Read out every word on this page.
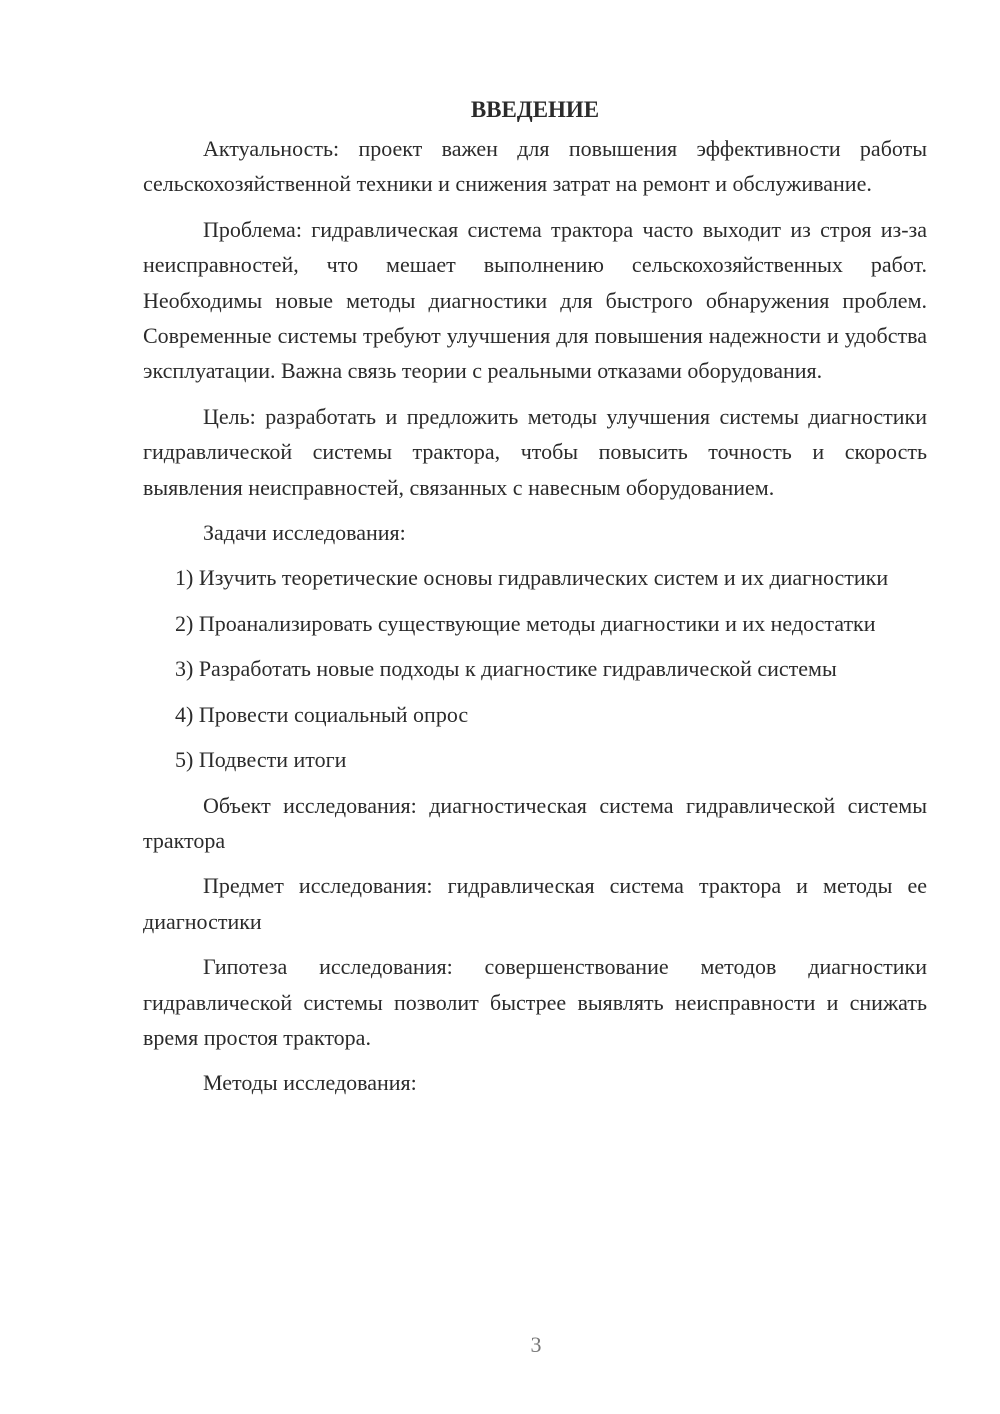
ВВЕДЕНИЕ

Актуальность: проект важен для повышения эффективности работы сельскохозяйственной техники и снижения затрат на ремонт и обслуживание.

Проблема: гидравлическая система трактора часто выходит из строя из-за неисправностей, что мешает выполнению сельскохозяйственных работ. Необходимы новые методы диагностики для быстрого обнаружения проблем. Современные системы требуют улучшения для повышения надежности и удобства эксплуатации. Важна связь теории с реальными отказами оборудования.

Цель: разработать и предложить методы улучшения системы диагностики гидравлической системы трактора, чтобы повысить точность и скорость выявления неисправностей, связанных с навесным оборудованием.

Задачи исследования:

1) Изучить теоретические основы гидравлических систем и их диагностики

2) Проанализировать существующие методы диагностики и их недостатки

3) Разработать новые подходы к диагностике гидравлической системы

4) Провести социальный опрос

5) Подвести итоги

Объект исследования: диагностическая система гидравлической системы трактора

Предмет исследования: гидравлическая система трактора и методы ее диагностики

Гипотеза исследования: совершенствование методов диагностики гидравлической системы позволит быстрее выявлять неисправности и снижать время простоя трактора.

Методы исследования:

3
